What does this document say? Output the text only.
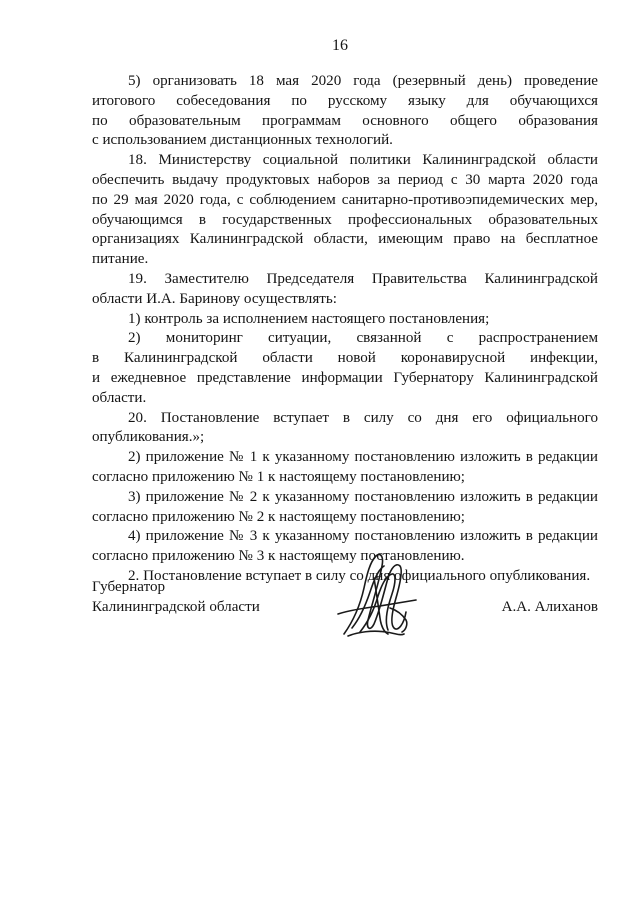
16
5) организовать 18 мая 2020 года (резервный день) проведение
итогового собеседования по русскому языку для обучающихся
по образовательным программам основного общего образования
с использованием дистанционных технологий.
18. Министерству социальной политики Калининградской области
обеспечить выдачу продуктовых наборов за период с 30 марта 2020 года
по 29 мая 2020 года, с соблюдением санитарно-противоэпидемических мер,
обучающимся в государственных профессиональных образовательных
организациях Калининградской области, имеющим право на бесплатное
питание.
19. Заместителю Председателя Правительства Калининградской
области И.А. Баринову осуществлять:
1) контроль за исполнением настоящего постановления;
2) мониторинг ситуации, связанной с распространением
в Калининградской области новой коронавирусной инфекции,
и ежедневное представление информации Губернатору Калининградской
области.
20. Постановление вступает в силу со дня его официального
опубликования.»;
2) приложение № 1 к указанному постановлению изложить в редакции
согласно приложению № 1 к настоящему постановлению;
3) приложение № 2 к указанному постановлению изложить в редакции
согласно приложению № 2 к настоящему постановлению;
4) приложение № 3 к указанному постановлению изложить в редакции
согласно приложению № 3 к настоящему постановлению.
2. Постановление вступает в силу со дня официального опубликования.
Губернатор
Калининградской области	А.А. Алиханов
